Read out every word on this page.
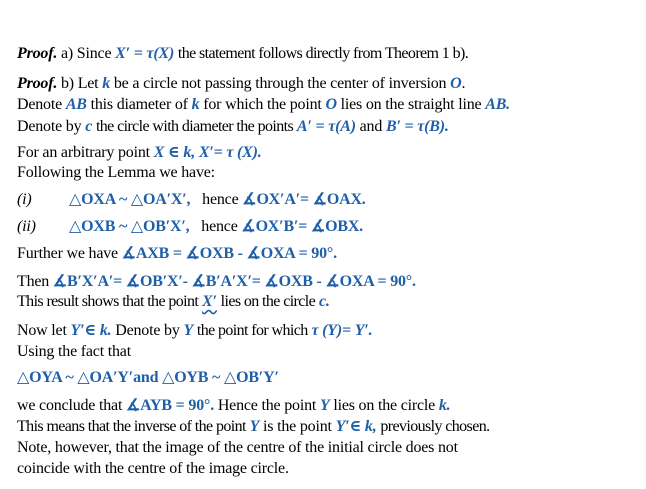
Proof. a) Since X′ = τ(X) the statement follows directly from Theorem 1 b).
Proof. b) Let k be a circle not passing through the center of inversion O.
Denote AB this diameter of k for which the point O lies on the straight line AB.
Denote by c the circle with diameter the points A′ = τ(A) and B′ = τ(B).
For an arbitrary point X ∈ k, X′= τ (X).
Following the Lemma we have:
(i) △OXA ~ △OA′X′, hence ∡OX′A′= ∡OAX.
(ii) △OXB ~ △OB′X′, hence ∡OX′B′= ∡OBX.
Further we have ∡AXB = ∡OXB - ∡OXA = 90°.
Then ∡B′X′A′= ∡OB′X′- ∡B′A′X′= ∡OXB - ∡OXA = 90°.
This result shows that the point X′ lies on the circle c.
Now let Y′∈ k. Denote by Y the point for which τ (Y)= Y′.
Using the fact that
△OYA ~ △OA′Y′and △OYB ~ △OB′Y′
we conclude that ∡AYB = 90°. Hence the point Y lies on the circle k.
This means that the inverse of the point Y is the point Y′∈ k, previously chosen.
Note, however, that the image of the centre of the initial circle does not
coincide with the centre of the image circle.
